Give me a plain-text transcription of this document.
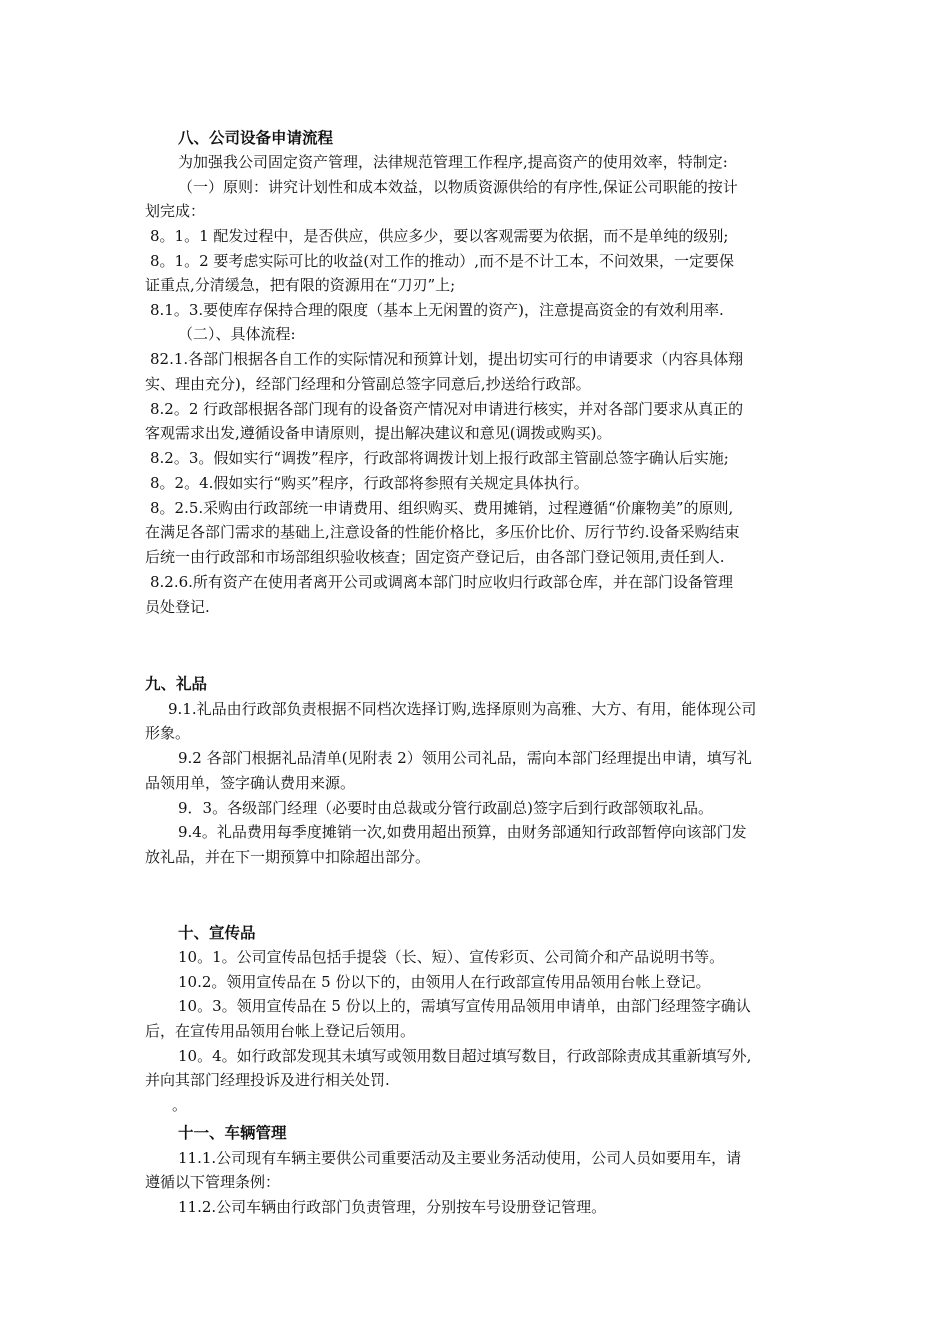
八、公司设备申请流程
为加强我公司固定资产管理，法律规范管理工作程序,提高资产的使用效率，特制定:
（一）原则：讲究计划性和成本效益，以物质资源供给的有序性,保证公司职能的按计
划完成：
8。1。1 配发过程中，是否供应，供应多少，要以客观需要为依据，而不是单纯的级别;
8。1。2 要考虑实际可比的收益(对工作的推动）,而不是不计工本，不问效果，一定要保
证重点,分清缓急，把有限的资源用在“刀刃”上;
8.1。3.要使库存保持合理的限度（基本上无闲置的资产)，注意提高资金的有效利用率.
（二）、具体流程:
82.1.各部门根据各自工作的实际情况和预算计划，提出切实可行的申请要求（内容具体翔
实、理由充分)，经部门经理和分管副总签字同意后,抄送给行政部。
8.2。2 行政部根据各部门现有的设备资产情况对申请进行核实，并对各部门要求从真正的
客观需求出发,遵循设备申请原则，提出解决建议和意见(调拨或购买)。
8.2。3。假如实行“调拨”程序，行政部将调拨计划上报行政部主管副总签字确认后实施;
8。2。4.假如实行“购买”程序，行政部将参照有关规定具体执行。
8。2.5.采购由行政部统一申请费用、组织购买、费用摊销，过程遵循“价廉物美”的原则,
在满足各部门需求的基础上,注意设备的性能价格比，多压价比价、厉行节约.设备采购结束
后统一由行政部和市场部组织验收核查；固定资产登记后，由各部门登记领用,责任到人.
8.2.6.所有资产在使用者离开公司或调离本部门时应收归行政部仓库，并在部门设备管理
员处登记.
九、礼品
9.1.礼品由行政部负责根据不同档次选择订购,选择原则为高雅、大方、有用，能体现公司
形象。
9.2 各部门根据礼品清单(见附表 2）领用公司礼品，需向本部门经理提出申请，填写礼
品领用单，签字确认费用来源。
9．3。各级部门经理（必要时由总裁或分管行政副总)签字后到行政部领取礼品。
9.4。礼品费用每季度摊销一次,如费用超出预算，由财务部通知行政部暂停向该部门发
放礼品，并在下一期预算中扣除超出部分。
十、宣传品
10。1。公司宣传品包括手提袋（长、短）、宣传彩页、公司简介和产品说明书等。
10.2。领用宣传品在 5 份以下的，由领用人在行政部宣传用品领用台帐上登记。
10。3。领用宣传品在 5 份以上的，需填写宣传用品领用申请单，由部门经理签字确认
后，在宣传用品领用台帐上登记后领用。
10。4。如行政部发现其未填写或领用数目超过填写数目，行政部除责成其重新填写外,
并向其部门经理投诉及进行相关处罚.
。
十一、车辆管理
11.1.公司现有车辆主要供公司重要活动及主要业务活动使用，公司人员如要用车，请
遵循以下管理条例：
11.2.公司车辆由行政部门负责管理，分别按车号设册登记管理。
